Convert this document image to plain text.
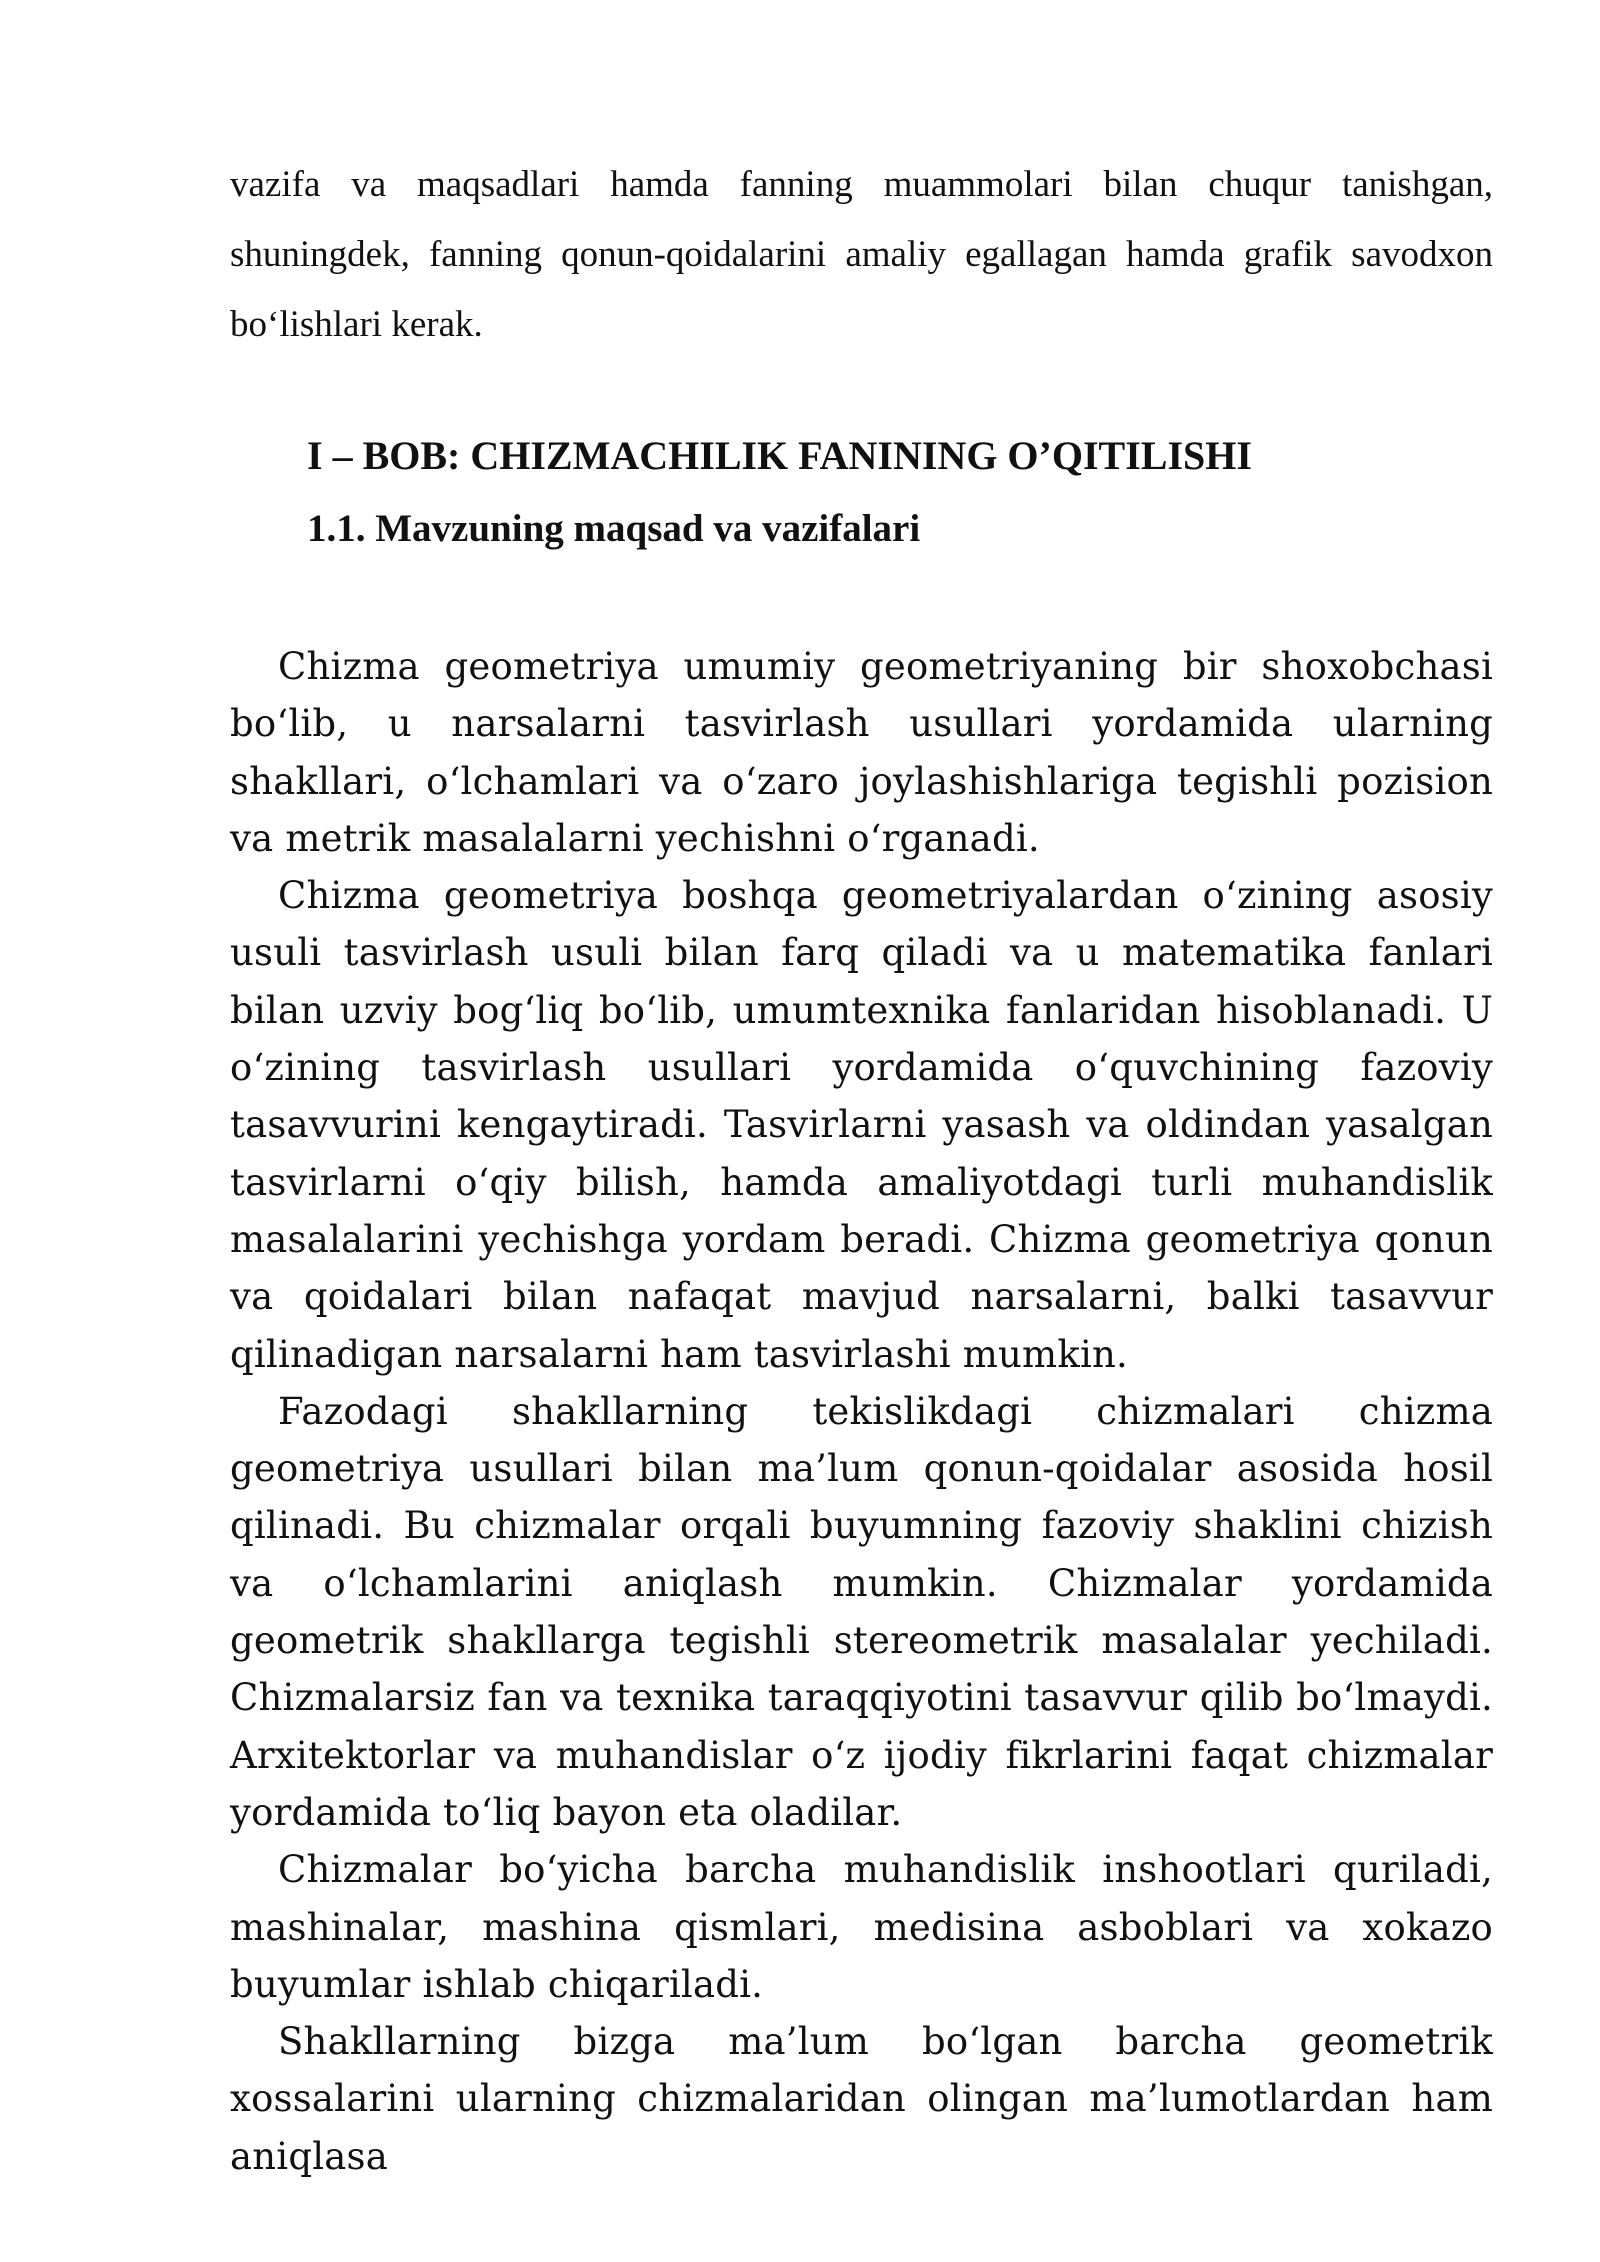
vazifa va maqsadlari hamda fanning muammolari bilan chuqur tanishgan, shuningdek, fanning qonun-qoidalarini amaliy egallagan hamda grafik savodxon bo‘lishlari kerak.

I – BOB: CHIZMACHILIK FANINING O’QITILISHI
1.1. Mavzuning maqsad va vazifalari

Chizma geometriya umumiy geometriyaning bir shoxobchasi bo‘lib, u narsalarni tasvirlash usullari yordamida ularning shakllari, o‘lchamlari va o‘zaro joylashishlariga tegishli pozision va metrik masalalarni yechishni o‘rganadi.

Chizma geometriya boshqa geometriyalardan o‘zining asosiy usuli tasvirlash usuli bilan farq qiladi va u matematika fanlari bilan uzviy bog‘liq bo‘lib, umumtexnika fanlaridan hisoblanadi. U o‘zining tasvirlash usullari yordamida o‘quvchining fazoviy tasavvurini kengaytiradi. Tasvirlarni yasash va oldindan yasalgan tasvirlarni o‘qiy bilish, hamda amaliyotdagi turli muhandislik masalalarini yechishga yordam beradi. Chizma geometriya qonun va qoidalari bilan nafaqat mavjud narsalarni, balki tasavvur qilinadigan narsalarni ham tasvirlashi mumkin.

Fazodagi shakllarning tekislikdagi chizmalari chizma geometriya usullari bilan ma’lum qonun-qoidalar asosida hosil qilinadi. Bu chizmalar orqali buyumning fazoviy shaklini chizish va o‘lchamlarini aniqlash mumkin. Chizmalar yordamida geometrik shakllarga tegishli stereometrik masalalar yechiladi. Chizmalarsiz fan va texnika taraqqiyotini tasavvur qilib bo‘lmaydi. Arxitektorlar va muhandislar o‘z ijodiy fikrlarini faqat chizmalar yordamida to‘liq bayon eta oladilar.

Chizmalar bo‘yicha barcha muhandislik inshootlari quriladi, mashinalar, mashina qismlari, medisina asboblari va xokazo buyumlar ishlab chiqariladi.

Shakllarning bizga ma’lum bo‘lgan barcha geometrik xossalarini ularning chizmalaridan olingan ma’lumotlardan ham aniqlasa
